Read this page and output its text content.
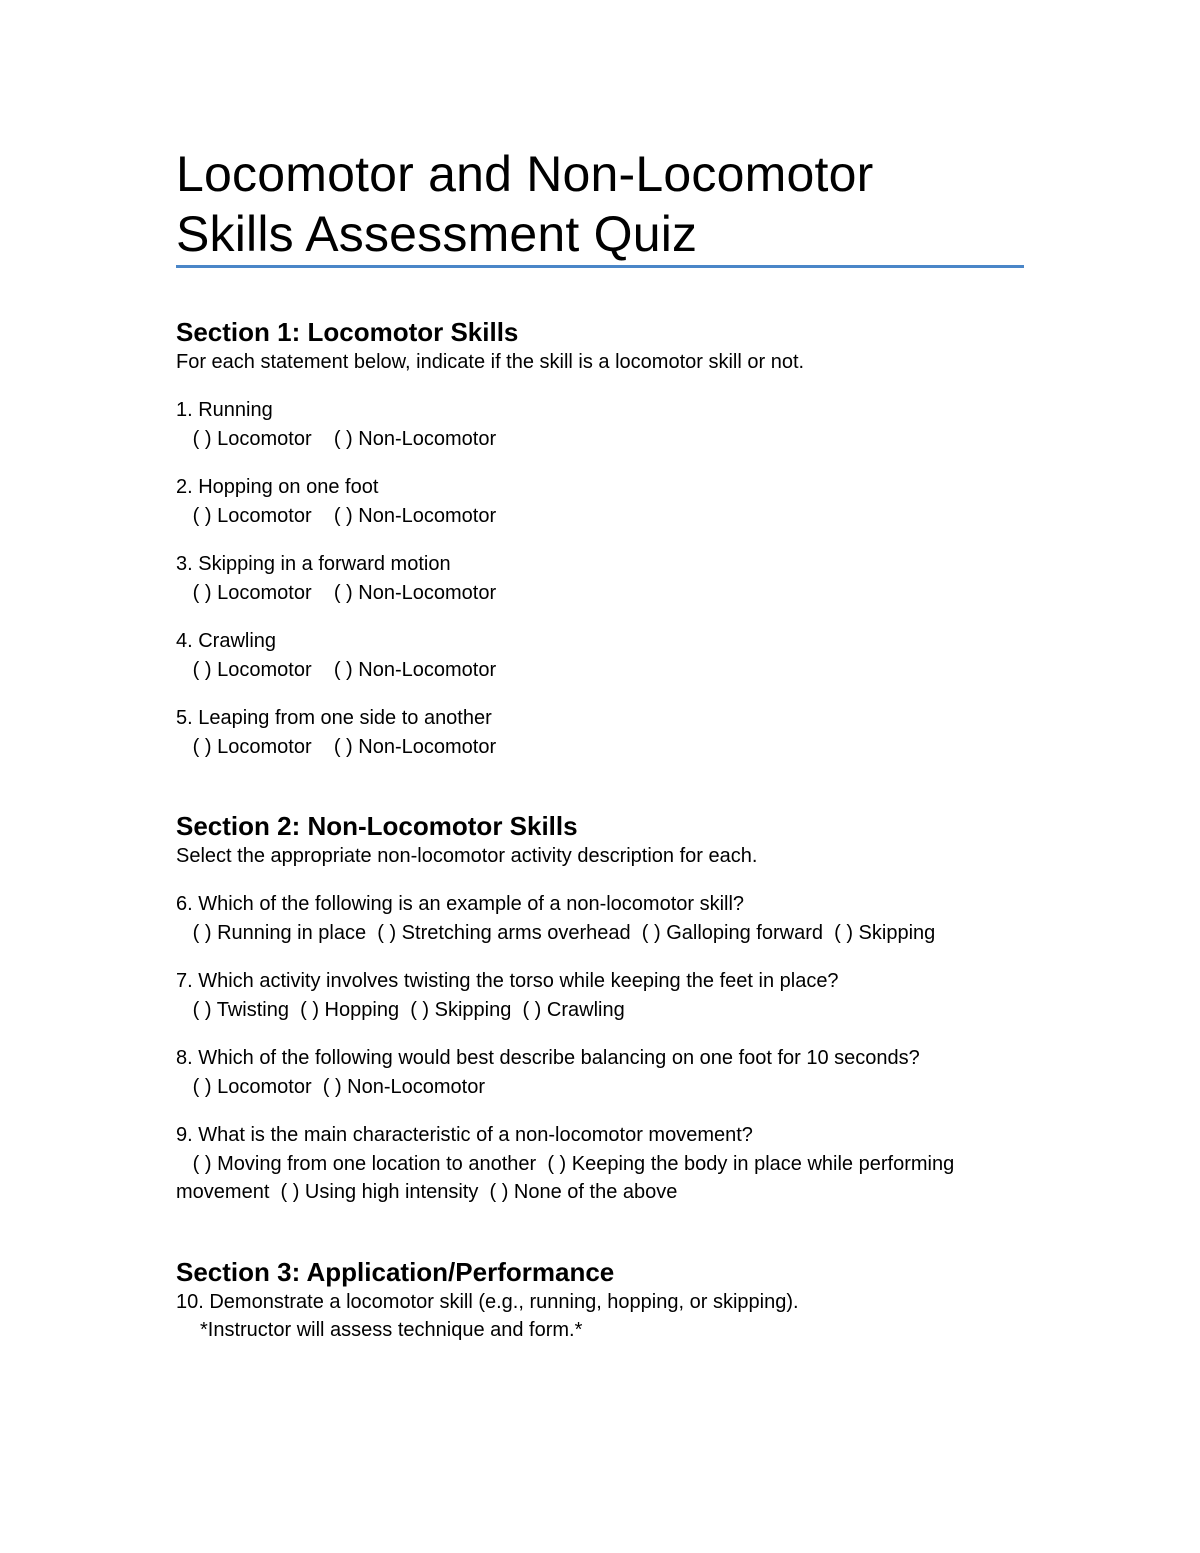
Locomotor and Non-Locomotor
Skills Assessment Quiz
Section 1: Locomotor Skills

For each statement below, indicate if the skill is a locomotor skill or not.

1. Running
( ) Locomotor ( ) Non-Locomotor
2. Hopping on one foot
( ) Locomotor ( ) Non-Locomotor
3. Skipping in a forward motion
( ) Locomotor ( ) Non-Locomotor
4. Crawling
( ) Locomotor ( ) Non-Locomotor
5. Leaping from one side to another
( ) Locomotor ( ) Non-Locomotor
Section 2: Non-Locomotor Skills

Select the appropriate non-locomotor activity description for each.

6. Which of the following is an example of a non-locomotor skill?
( ) Running in place ( ) Stretching arms overhead ( ) Galloping forward ( ) Skipping
7. Which activity involves twisting the torso while keeping the feet in place?
( ) Twisting ( ) Hopping ( ) Skipping ( ) Crawling
8. Which of the following would best describe balancing on one foot for 10 seconds?
( ) Locomotor ( ) Non-Locomotor
9. What is the main characteristic of a non-locomotor movement?
( ) Moving from one location to another ( ) Keeping the body in place while performing movement ( ) Using high intensity ( ) None of the above
Section 3: Application/Performance

10. Demonstrate a locomotor skill (e.g., running, hopping, or skipping).

*Instructor will assess technique and form.*
